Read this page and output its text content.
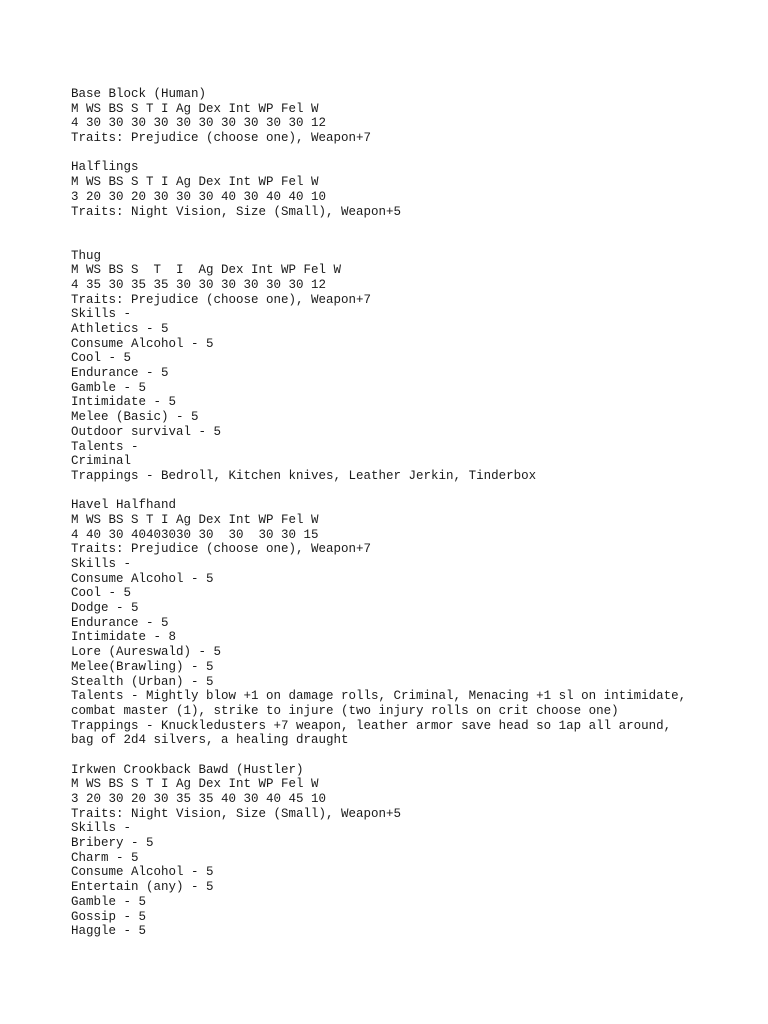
Base Block (Human)
M WS BS S T I Ag Dex Int WP Fel W
4 30 30 30 30 30 30 30 30 30 30 12
Traits: Prejudice (choose one), Weapon+7
Halflings
M WS BS S T I Ag Dex Int WP Fel W
3 20 30 20 30 30 30 40 30 40 40 10
Traits: Night Vision, Size (Small), Weapon+5
Thug
M WS BS S  T  I  Ag Dex Int WP Fel W
4 35 30 35 35 30 30 30 30 30 30 12
Traits: Prejudice (choose one), Weapon+7
Skills -
Athletics - 5
Consume Alcohol - 5
Cool - 5
Endurance - 5
Gamble - 5
Intimidate - 5
Melee (Basic) - 5
Outdoor survival - 5
Talents -
Criminal
Trappings - Bedroll, Kitchen knives, Leather Jerkin, Tinderbox
Havel Halfhand
M WS BS S T I Ag Dex Int WP Fel W
4 40 30 40403030 30  30  30 30 15
Traits: Prejudice (choose one), Weapon+7
Skills -
Consume Alcohol - 5
Cool - 5
Dodge - 5
Endurance - 5
Intimidate - 8
Lore (Aureswald) - 5
Melee(Brawling) - 5
Stealth (Urban) - 5
Talents - Mightly blow +1 on damage rolls, Criminal, Menacing +1 sl on intimidate,
combat master (1), strike to injure (two injury rolls on crit choose one)
Trappings - Knuckledusters +7 weapon, leather armor save head so 1ap all around,
bag of 2d4 silvers, a healing draught
Irkwen Crookback Bawd (Hustler)
M WS BS S T I Ag Dex Int WP Fel W
3 20 30 20 30 35 35 40 30 40 45 10
Traits: Night Vision, Size (Small), Weapon+5
Skills -
Bribery - 5
Charm - 5
Consume Alcohol - 5
Entertain (any) - 5
Gamble - 5
Gossip - 5
Haggle - 5
